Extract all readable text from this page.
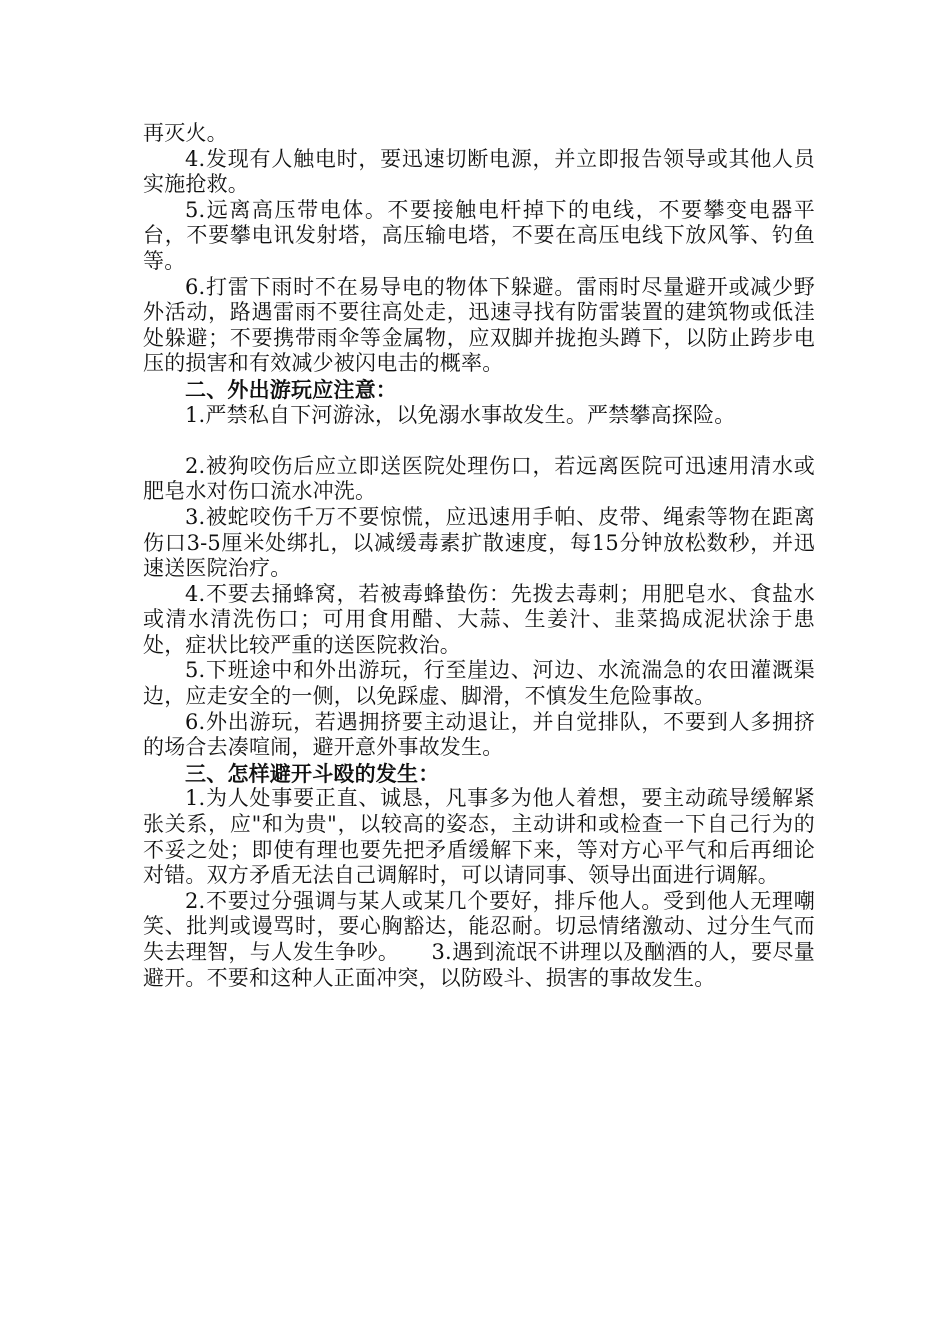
再灭火。

4.发现有人触电时，要迅速切断电源，并立即报告领导或其他人员实施抢救。

5.远离高压带电体。不要接触电杆掉下的电线，不要攀变电器平台，不要攀电讯发射塔，高压输电塔，不要在高压电线下放风筝、钓鱼等。

6.打雷下雨时不在易导电的物体下躲避。雷雨时尽量避开或减少野外活动，路遇雷雨不要往高处走，迅速寻找有防雷装置的建筑物或低洼处躲避；不要携带雨伞等金属物，应双脚并拢抱头蹲下，以防止跨步电压的损害和有效减少被闪电击的概率。

二、外出游玩应注意：

1.严禁私自下河游泳，以免溺水事故发生。严禁攀高探险。

2.被狗咬伤后应立即送医院处理伤口，若远离医院可迅速用清水或肥皂水对伤口流水冲洗。

3.被蛇咬伤千万不要惊慌，应迅速用手帕、皮带、绳索等物在距离伤口3-5厘米处绑扎，以减缓毒素扩散速度，每15分钟放松数秒，并迅速送医院治疗。

4.不要去捅蜂窝，若被毒蜂蛰伤：先拨去毒刺；用肥皂水、食盐水或清水清洗伤口；可用食用醋、大蒜、生姜汁、韭菜捣成泥状涂于患处，症状比较严重的送医院救治。

5.下班途中和外出游玩，行至崖边、河边、水流湍急的农田灌溉渠边，应走安全的一侧，以免踩虚、脚滑，不慎发生危险事故。

6.外出游玩，若遇拥挤要主动退让，并自觉排队，不要到人多拥挤的场合去凑喧闹，避开意外事故发生。

三、怎样避开斗殴的发生：

1.为人处事要正直、诚恳，凡事多为他人着想，要主动疏导缓解紧张关系，应"和为贵"，以较高的姿态，主动讲和或检查一下自己行为的不妥之处；即使有理也要先把矛盾缓解下来，等对方心平气和后再细论对错。双方矛盾无法自己调解时，可以请同事、领导出面进行调解。

2.不要过分强调与某人或某几个要好，排斥他人。受到他人无理嘲笑、批判或谩骂时，要心胸豁达，能忍耐。切忌情绪激动、过分生气而失去理智，与人发生争吵。　　3.遇到流氓不讲理以及酗酒的人，要尽量避开。不要和这种人正面冲突，以防殴斗、损害的事故发生。
